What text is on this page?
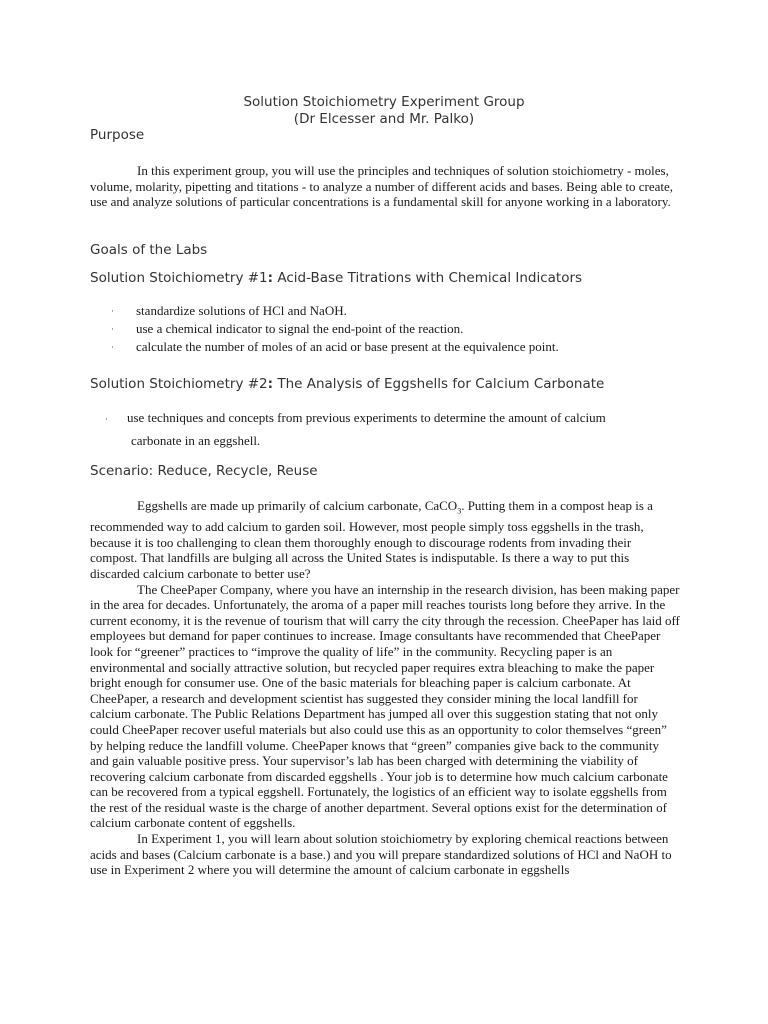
Solution Stoichiometry Experiment Group
(Dr Elcesser and Mr. Palko)
Purpose

In this experiment group, you will use the principles and techniques of solution stoichiometry - moles, volume, molarity, pipetting and titations - to analyze a number of different acids and bases. Being able to create, use and analyze solutions of particular concentrations is a fundamental skill for anyone working in a laboratory.

Goals of the Labs
Solution Stoichiometry #1: Acid-Base Titrations with Chemical Indicators
·	standardize solutions of HCl and NaOH.
·	use a chemical indicator to signal the end-point of the reaction.
·	calculate the number of moles of an acid or base present at the equivalence point.
Solution Stoichiometry #2: The Analysis of Eggshells for Calcium Carbonate
· use techniques and concepts from previous experiments to determine the amount of calcium
carbonate in an eggshell.
Scenario: Reduce, Recycle, Reuse

Eggshells are made up primarily of calcium carbonate, CaCO$_3$. Putting them in a compost heap is a recommended way to add calcium to garden soil. However, most people simply toss eggshells in the trash, because it is too challenging to clean them thoroughly enough to discourage rodents from invading their compost. That landfills are bulging all across the United States is indisputable. Is there a way to put this discarded calcium carbonate to better use?

The CheePaper Company, where you have an internship in the research division, has been making paper in the area for decades. Unfortunately, the aroma of a paper mill reaches tourists long before they arrive. In the current economy, it is the revenue of tourism that will carry the city through the recession. CheePaper has laid off employees but demand for paper continues to increase. Image consultants have recommended that CheePaper look for “greener” practices to “improve the quality of life” in the community. Recycling paper is an environmental and socially attractive solution, but recycled paper requires extra bleaching to make the paper bright enough for consumer use. One of the basic materials for bleaching paper is calcium carbonate. At CheePaper, a research and development scientist has suggested they consider mining the local landfill for calcium carbonate. The Public Relations Department has jumped all over this suggestion stating that not only could CheePaper recover useful materials but also could use this as an opportunity to color themselves “green” by helping reduce the landfill volume. CheePaper knows that “green” companies give back to the community and gain valuable positive press. Your supervisor’s lab has been charged with determining the viability of recovering calcium carbonate from discarded eggshells . Your job is to determine how much calcium carbonate can be recovered from a typical eggshell. Fortunately, the logistics of an efficient way to isolate eggshells from the rest of the residual waste is the charge of another department. Several options exist for the determination of calcium carbonate content of eggshells.

In Experiment 1, you will learn about solution stoichiometry by exploring chemical reactions between acids and bases (Calcium carbonate is a base.) and you will prepare standardized solutions of HCl and NaOH to use in Experiment 2 where you will determine the amount of calcium carbonate in eggshells
